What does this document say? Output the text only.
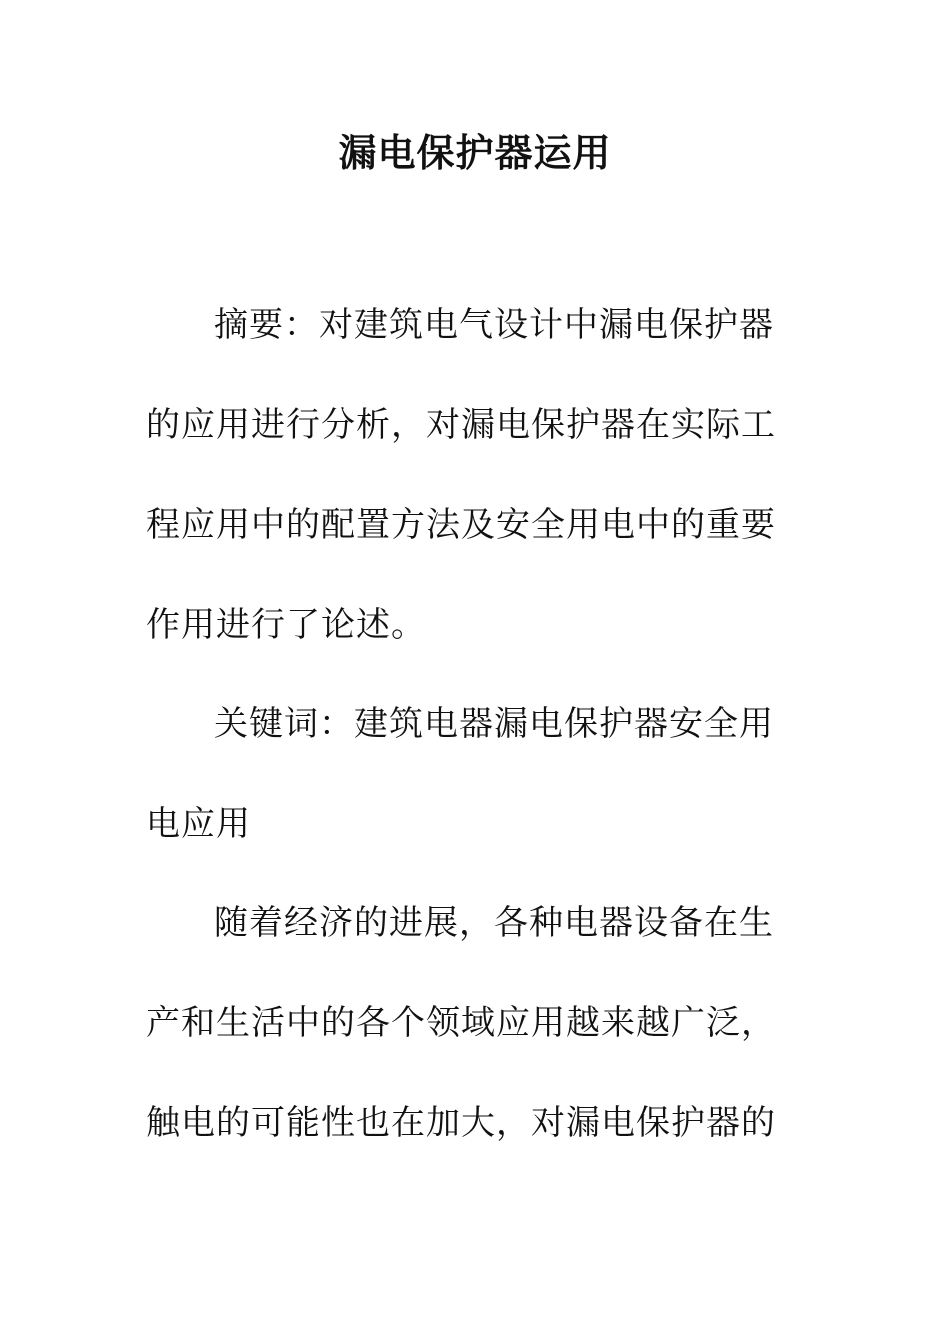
漏电保护器运用
摘要：对建筑电气设计中漏电保护器
的应用进行分析，对漏电保护器在实际工
程应用中的配置方法及安全用电中的重要
作用进行了论述。
关键词：建筑电器漏电保护器安全用
电应用
随着经济的进展，各种电器设备在生
产和生活中的各个领域应用越来越广泛，
触电的可能性也在加大，对漏电保护器的
